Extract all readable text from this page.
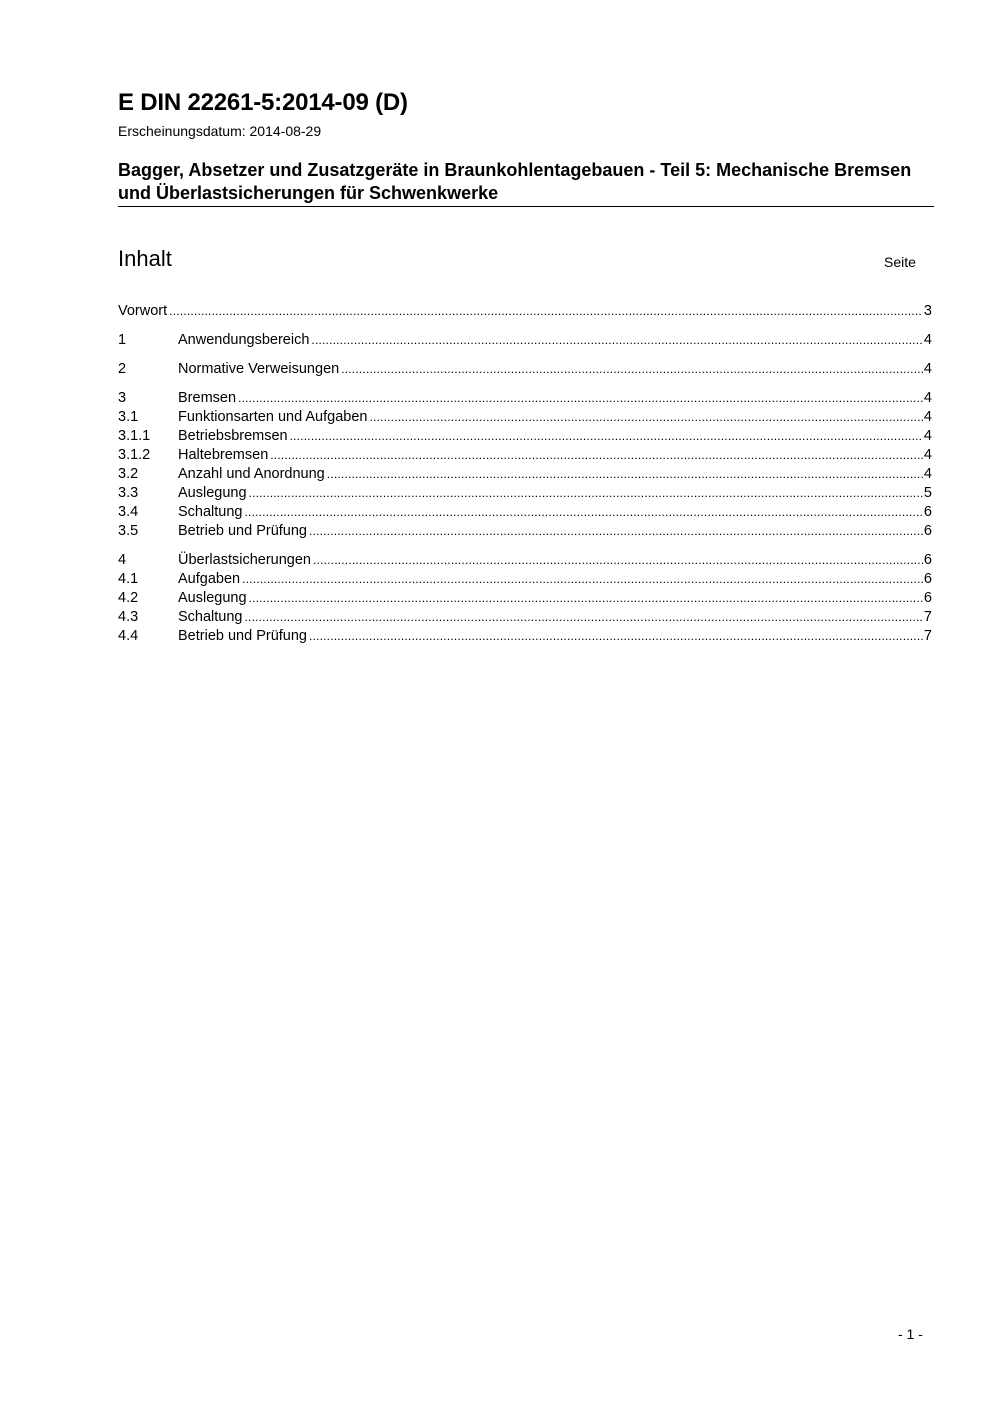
E DIN 22261-5:2014-09 (D)
Erscheinungsdatum: 2014-08-29
Bagger, Absetzer und Zusatzgeräte in Braunkohlentagebauen - Teil 5: Mechanische Bremsen und Überlastsicherungen für Schwenkwerke
Inhalt	Seite
Vorwort .....	3
1	Anwendungsbereich .....	4
2	Normative Verweisungen .....	4
3	Bremsen .....	4
3.1	Funktionsarten und Aufgaben .....	4
3.1.1	Betriebsbremsen .....	4
3.1.2	Haltebremsen .....	4
3.2	Anzahl und Anordnung .....	4
3.3	Auslegung .....	5
3.4	Schaltung .....	6
3.5	Betrieb und Prüfung .....	6
4	Überlastsicherungen .....	6
4.1	Aufgaben .....	6
4.2	Auslegung .....	6
4.3	Schaltung .....	7
4.4	Betrieb und Prüfung .....	7
- 1 -
